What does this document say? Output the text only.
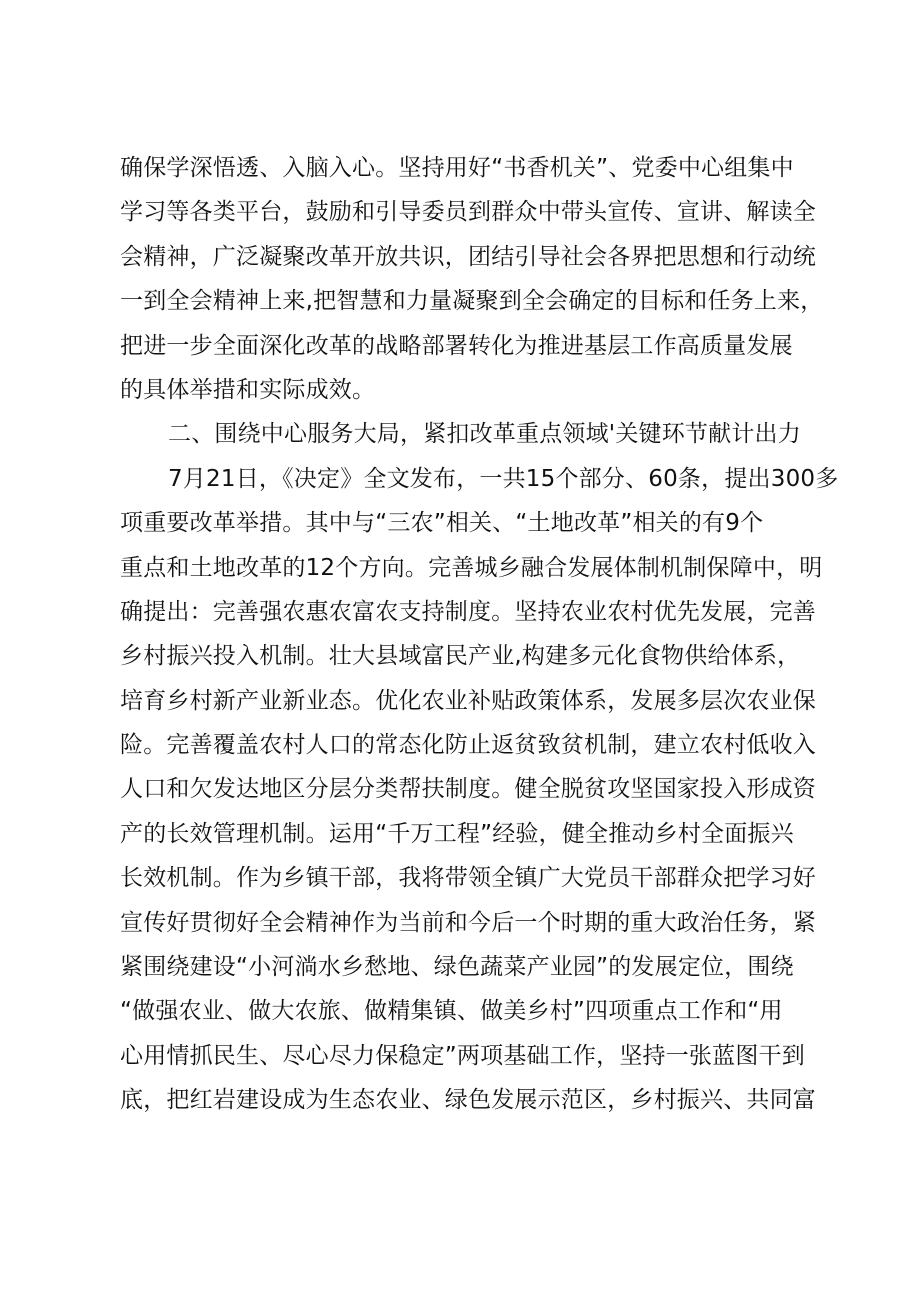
确保学深悟透、入脑入心。坚持用好“书香机关”、党委中心组集中
学习等各类平台，鼓励和引导委员到群众中带头宣传、宣讲、解读全
会精神，广泛凝聚改革开放共识，团结引导社会各界把思想和行动统
一到全会精神上来,把智慧和力量凝聚到全会确定的目标和任务上来，
把进一步全面深化改革的战略部署转化为推进基层工作高质量发展
的具体举措和实际成效。
二、围绕中心服务大局，紧扣改革重点领域'关键环节献计出力
7月21日，《决定》全文发布，一共15个部分、60条，提出300多
项重要改革举措。其中与“三农”相关、“土地改革”相关的有9个
重点和土地改革的12个方向。完善城乡融合发展体制机制保障中，明
确提出：完善强农惠农富农支持制度。坚持农业农村优先发展，完善
乡村振兴投入机制。壮大县域富民产业,构建多元化食物供给体系，
培育乡村新产业新业态。优化农业补贴政策体系，发展多层次农业保
险。完善覆盖农村人口的常态化防止返贫致贫机制，建立农村低收入
人口和欠发达地区分层分类帮扶制度。健全脱贫攻坚国家投入形成资
产的长效管理机制。运用“千万工程”经验，健全推动乡村全面振兴
长效机制。作为乡镇干部，我将带领全镇广大党员干部群众把学习好
宣传好贯彻好全会精神作为当前和今后一个时期的重大政治任务，紧
紧围绕建设“小河淌水乡愁地、绿色蔬菜产业园”的发展定位，围绕
“做强农业、做大农旅、做精集镇、做美乡村”四项重点工作和“用
心用情抓民生、尽心尽力保稳定”两项基础工作，坚持一张蓝图干到
底，把红岩建设成为生态农业、绿色发展示范区，乡村振兴、共同富
